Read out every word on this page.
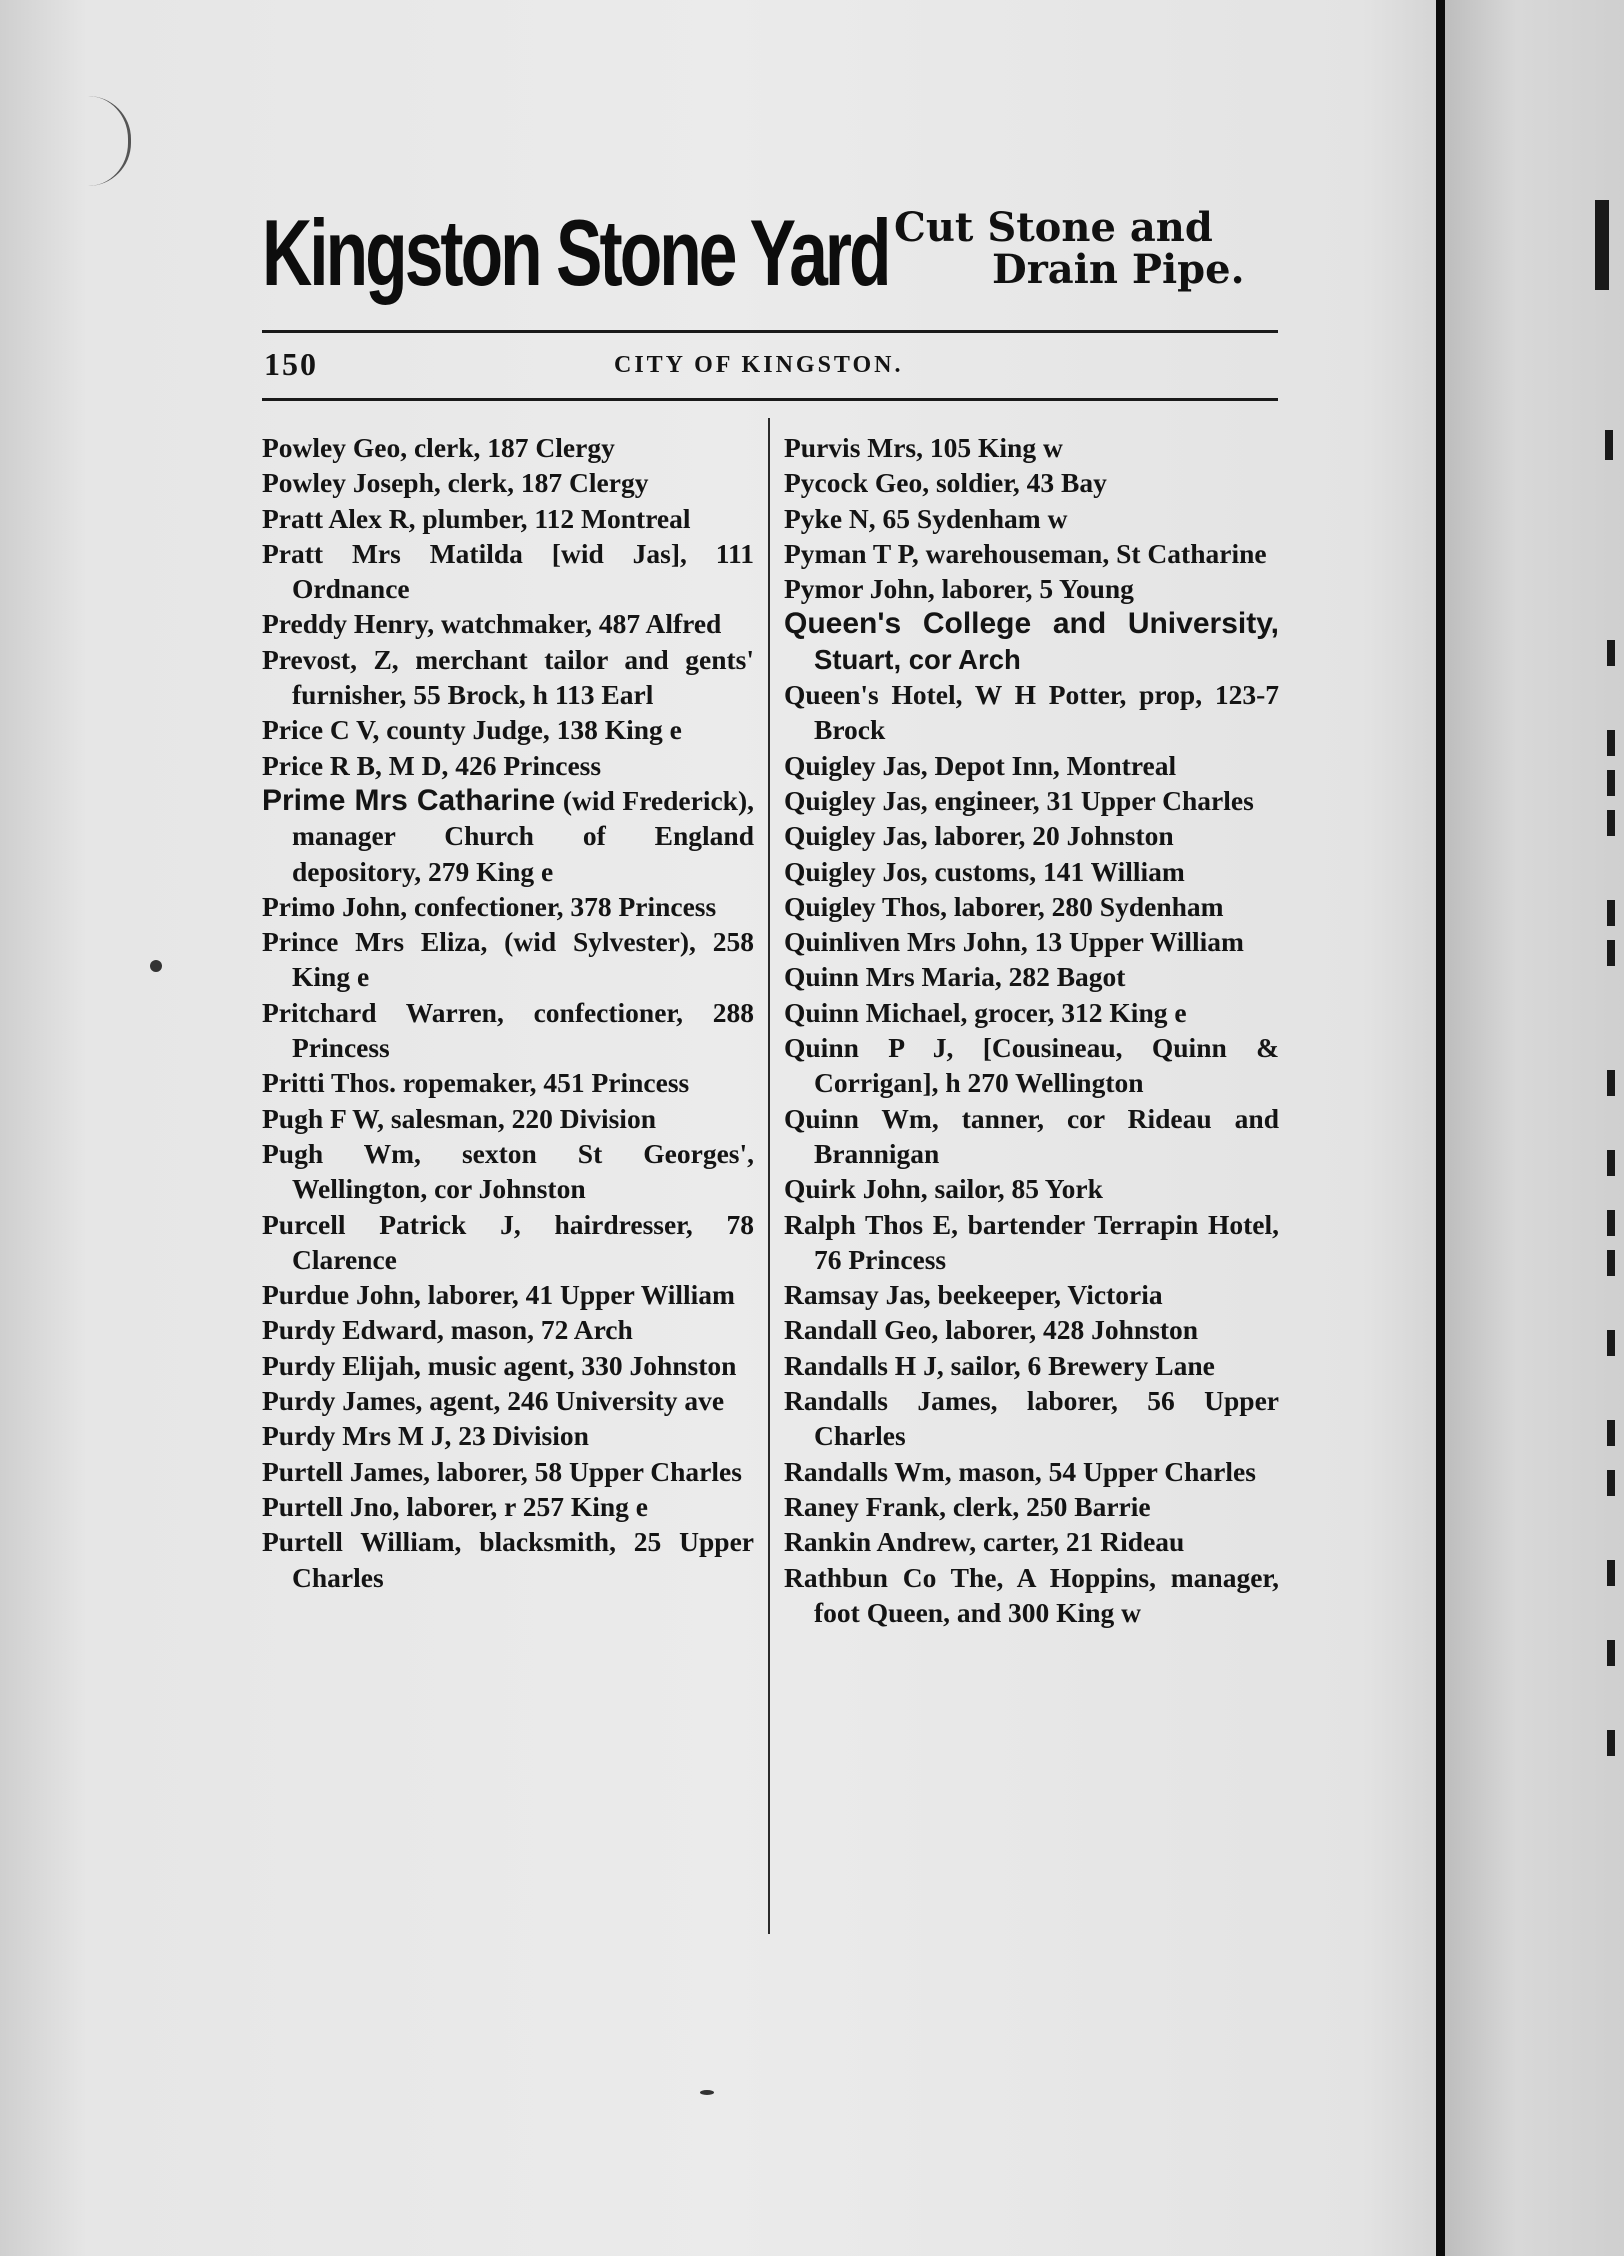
Kingston Stone Yard Cut Stone and
Drain Pipe.
150	CITY OF KINGSTON.
Powley Geo, clerk, 187 Clergy
Powley Joseph, clerk, 187 Clergy
Pratt Alex R, plumber, 112 Montreal
Pratt Mrs Matilda [wid Jas], 111 Ordnance
Preddy Henry, watchmaker, 487 Alfred
Prevost, Z, merchant tailor and gents' furnisher, 55 Brock, h 113 Earl
Price C V, county Judge, 138 King e
Price R B, M D, 426 Princess
Prime Mrs Catharine (wid Frederick), manager Church of England depository, 279 King e
Primo John, confectioner, 378 Princess
Prince Mrs Eliza, (wid Sylvester), 258 King e
Pritchard Warren, confectioner, 288 Princess
Pritti Thos. ropemaker, 451 Princess
Pugh F W, salesman, 220 Division
Pugh Wm, sexton St Georges', Wellington, cor Johnston
Purcell Patrick J, hairdresser, 78 Clarence
Purdue John, laborer, 41 Upper William
Purdy Edward, mason, 72 Arch
Purdy Elijah, music agent, 330 Johnston
Purdy James, agent, 246 University ave
Purdy Mrs M J, 23 Division
Purtell James, laborer, 58 Upper Charles
Purtell Jno, laborer, r 257 King e
Purtell William, blacksmith, 25 Upper Charles
Purvis Mrs, 105 King w
Pycock Geo, soldier, 43 Bay
Pyke N, 65 Sydenham w
Pyman T P, warehouseman, St Catharine
Pymor John, laborer, 5 Young
Queen's College and University, Stuart, cor Arch
Queen's Hotel, W H Potter, prop, 123-7 Brock
Quigley Jas, Depot Inn, Montreal
Quigley Jas, engineer, 31 Upper Charles
Quigley Jas, laborer, 20 Johnston
Quigley Jos, customs, 141 William
Quigley Thos, laborer, 280 Sydenham
Quinliven Mrs John, 13 Upper William
Quinn Mrs Maria, 282 Bagot
Quinn Michael, grocer, 312 King e
Quinn P J, [Cousineau, Quinn & Corrigan], h 270 Wellington
Quinn Wm, tanner, cor Rideau and Brannigan
Quirk John, sailor, 85 York
Ralph Thos E, bartender Terrapin Hotel, 76 Princess
Ramsay Jas, beekeeper, Victoria
Randall Geo, laborer, 428 Johnston
Randalls H J, sailor, 6 Brewery Lane
Randalls James, laborer, 56 Upper Charles
Randalls Wm, mason, 54 Upper Charles
Raney Frank, clerk, 250 Barrie
Rankin Andrew, carter, 21 Rideau
Rathbun Co The, A Hoppins, manager, foot Queen, and 300 King w
